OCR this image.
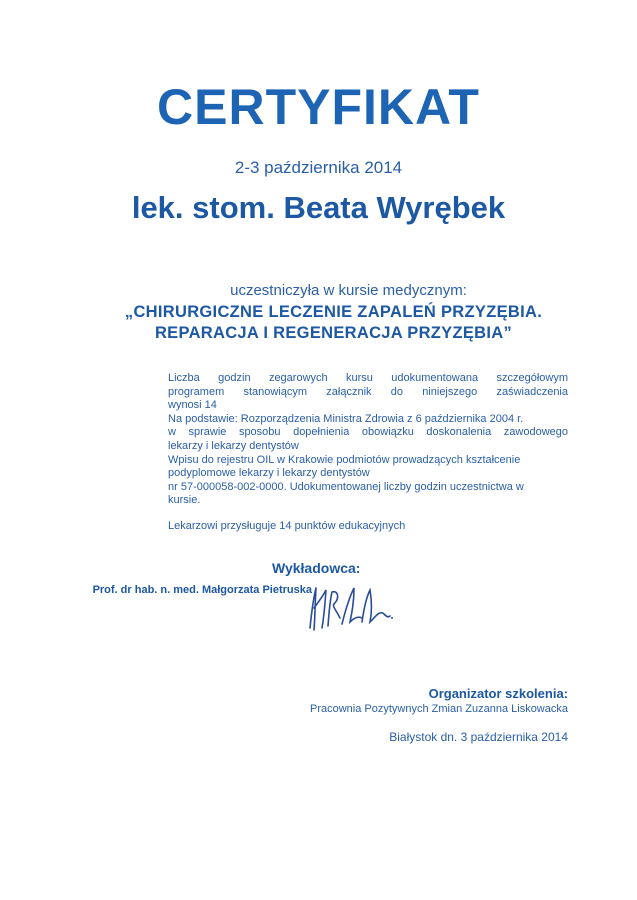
CERTYFIKAT
2-3 października 2014
lek. stom. Beata Wyrębek
uczestniczyła w kursie medycznym:
„CHIRURGICZNE LECZENIE ZAPALEŃ PRZYZĘBIA.
REPARACJA I REGENERACJA PRZYZĘBIA”
Liczba godzin zegarowych kursu udokumentowana szczegółowym
programem stanowiącym załącznik do niniejszego zaświadczenia
wynosi 14
Na podstawie: Rozporządzenia Ministra Zdrowia z 6 października 2004 r.
w sprawie sposobu dopełnienia obowiązku doskonalenia zawodowego
lekarzy i lekarzy dentystów
Wpisu do rejestru OIL w Krakowie podmiotów prowadzących kształcenie
podyplomowe lekarzy i lekarzy dentystów
nr 57-000058-002-0000. Udokumentowanej liczby godzin uczestnictwa w
kursie.
Lekarzowi przysługuje 14 punktów edukacyjnych
Wykładowca:
Prof. dr hab. n. med. Małgorzata Pietruska
Organizator szkolenia:
Pracownia Pozytywnych Zmian Zuzanna Liskowacka
Białystok dn. 3 października 2014
